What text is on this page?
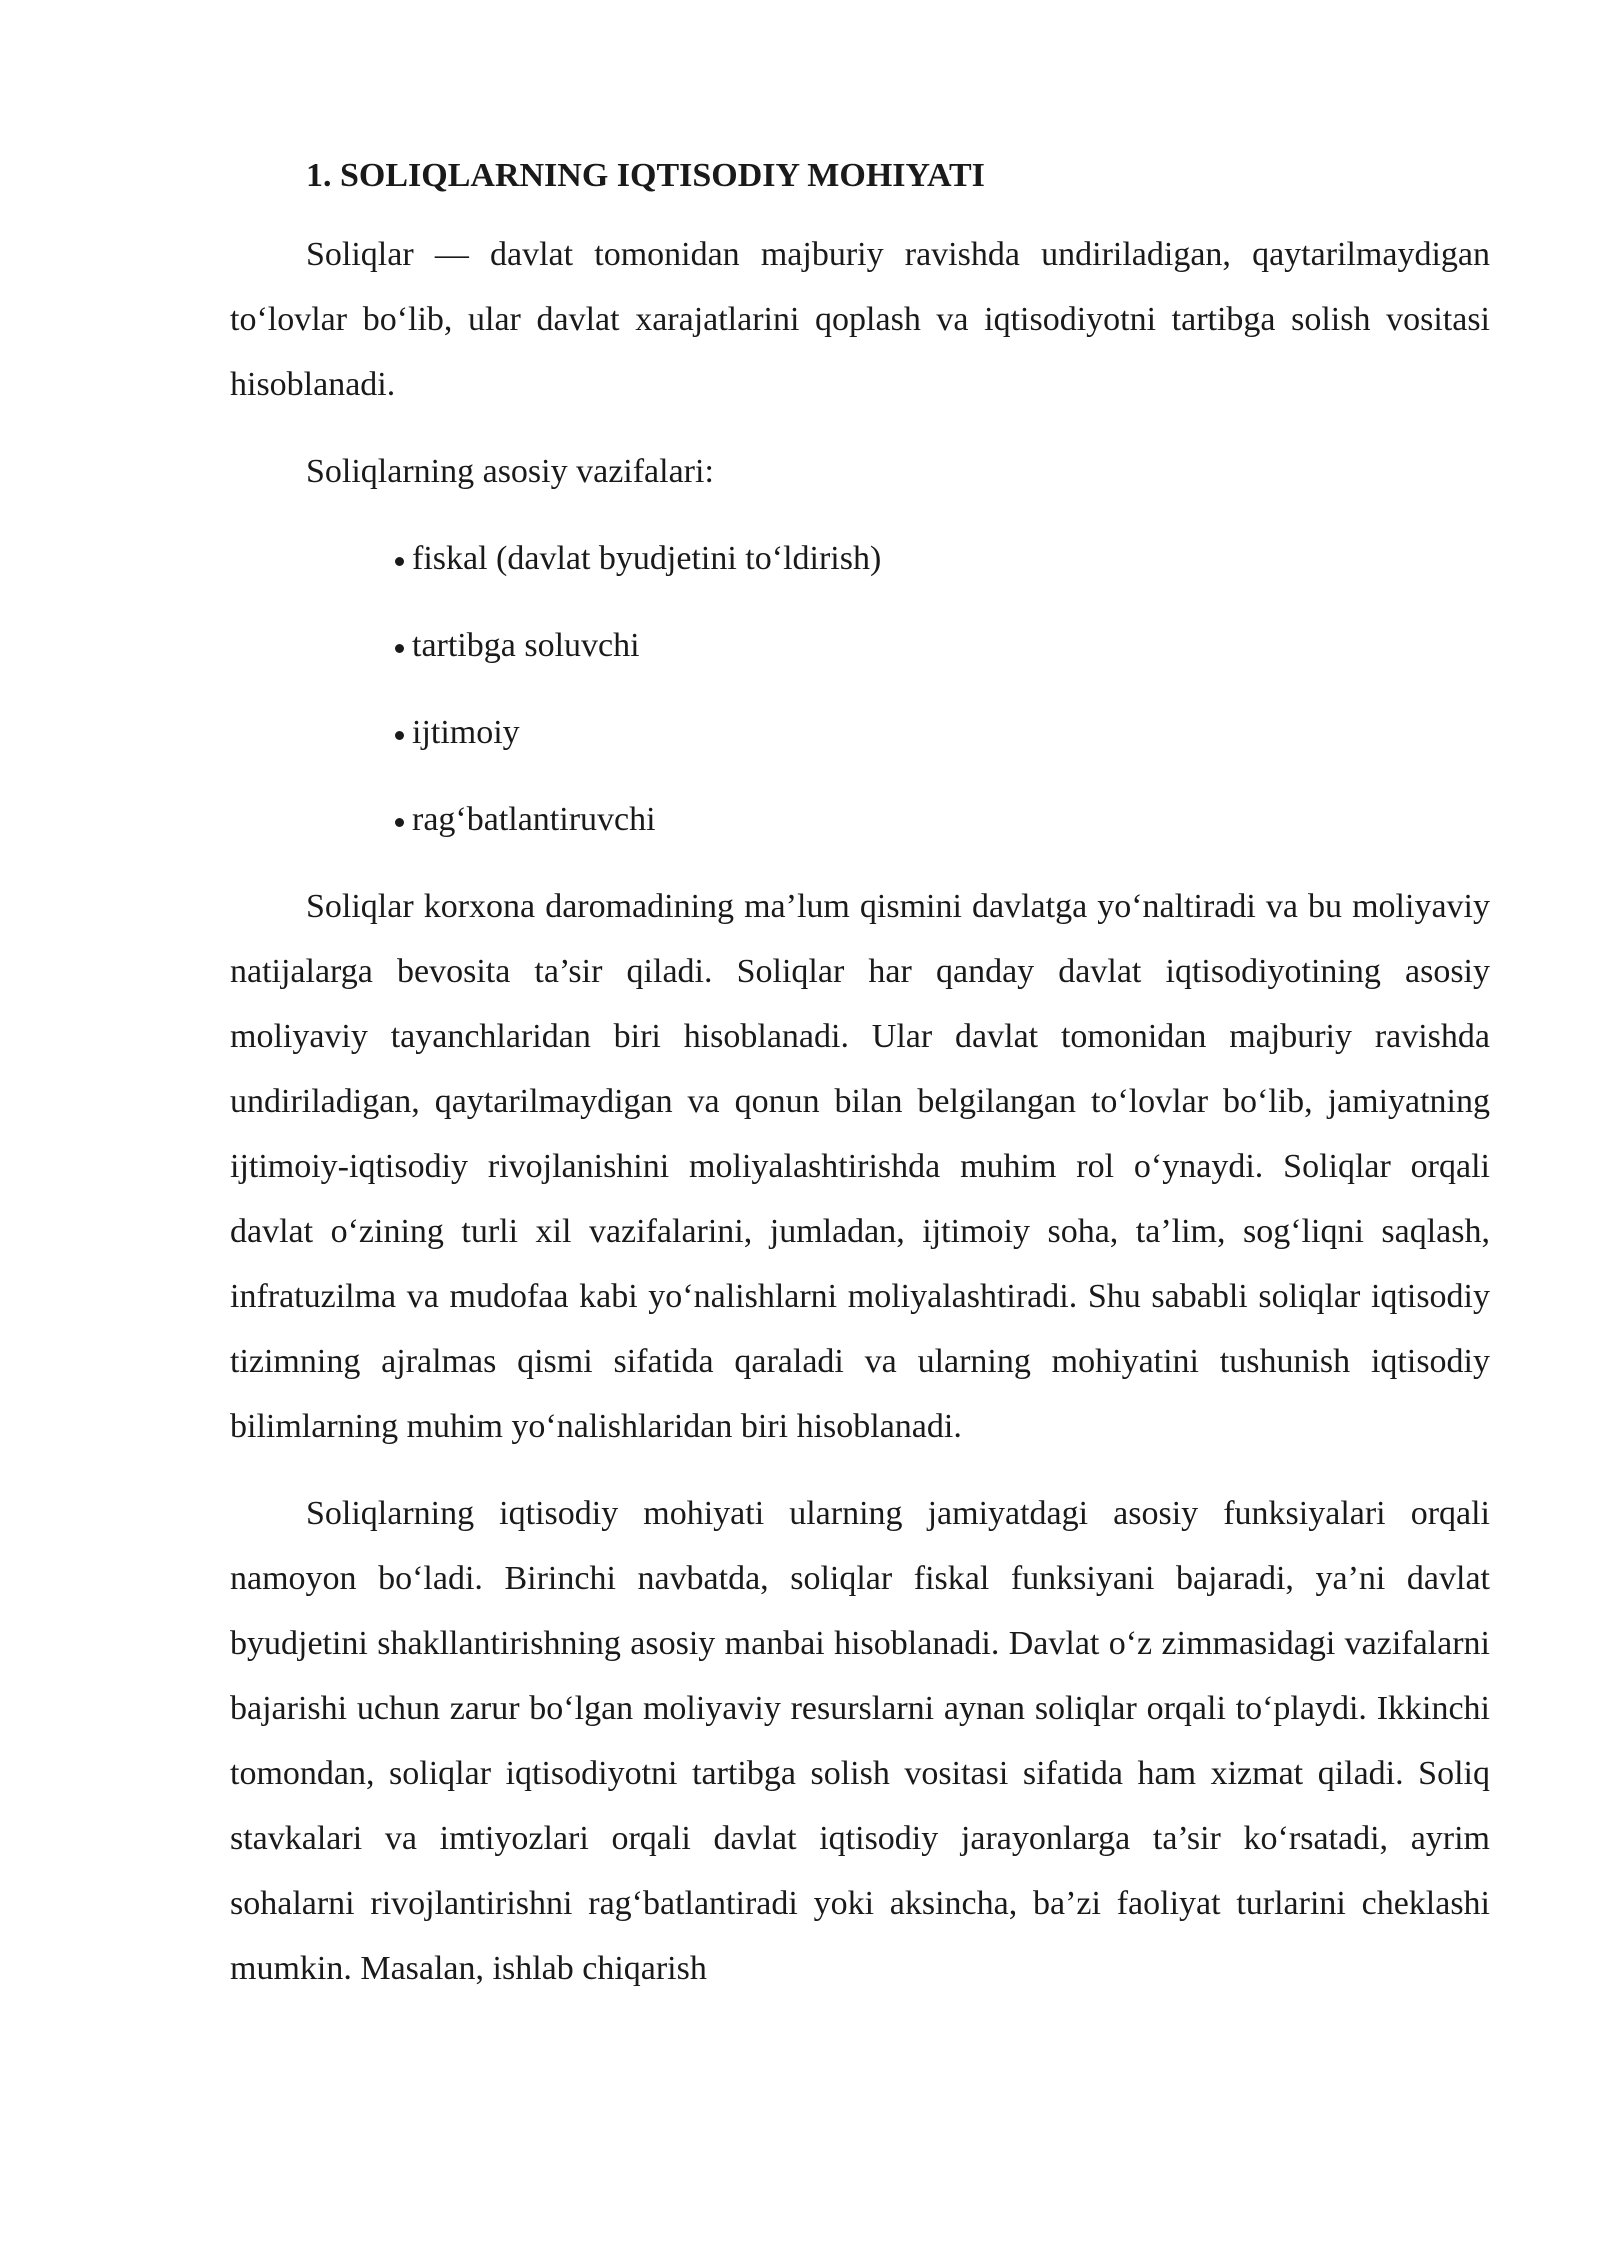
1. SOLIQLARNING IQTISODIY MOHIYATI

Soliqlar — davlat tomonidan majburiy ravishda undiriladigan, qaytarilmaydigan to‘lovlar bo‘lib, ular davlat xarajatlarini qoplash va iqtisodiyotni tartibga solish vositasi hisoblanadi.

Soliqlarning asosiy vazifalari:

fiskal (davlat byudjetini to‘ldirish)
tartibga soluvchi
ijtimoiy
rag‘batlantiruvchi

Soliqlar korxona daromadining ma’lum qismini davlatga yo‘naltiradi va bu moliyaviy natijalarga bevosita ta’sir qiladi. Soliqlar har qanday davlat iqtisodiyotining asosiy moliyaviy tayanchlaridan biri hisoblanadi. Ular davlat tomonidan majburiy ravishda undiriladigan, qaytarilmaydigan va qonun bilan belgilangan to‘lovlar bo‘lib, jamiyatning ijtimoiy-iqtisodiy rivojlanishini moliyalashtirishda muhim rol o‘ynaydi. Soliqlar orqali davlat o‘zining turli xil vazifalarini, jumladan, ijtimoiy soha, ta’lim, sog‘liqni saqlash, infratuzilma va mudofaa kabi yo‘nalishlarni moliyalashtiradi. Shu sababli soliqlar iqtisodiy tizimning ajralmas qismi sifatida qaraladi va ularning mohiyatini tushunish iqtisodiy bilimlarning muhim yo‘nalishlaridan biri hisoblanadi.

Soliqlarning iqtisodiy mohiyati ularning jamiyatdagi asosiy funksiyalari orqali namoyon bo‘ladi. Birinchi navbatda, soliqlar fiskal funksiyani bajaradi, ya’ni davlat byudjetini shakllantirishning asosiy manbai hisoblanadi. Davlat o‘z zimmasidagi vazifalarni bajarishi uchun zarur bo‘lgan moliyaviy resurslarni aynan soliqlar orqali to‘playdi. Ikkinchi tomondan, soliqlar iqtisodiyotni tartibga solish vositasi sifatida ham xizmat qiladi. Soliq stavkalari va imtiyozlari orqali davlat iqtisodiy jarayonlarga ta’sir ko‘rsatadi, ayrim sohalarni rivojlantirishni rag‘batlantiradi yoki aksincha, ba’zi faoliyat turlarini cheklashi mumkin. Masalan, ishlab chiqarish
